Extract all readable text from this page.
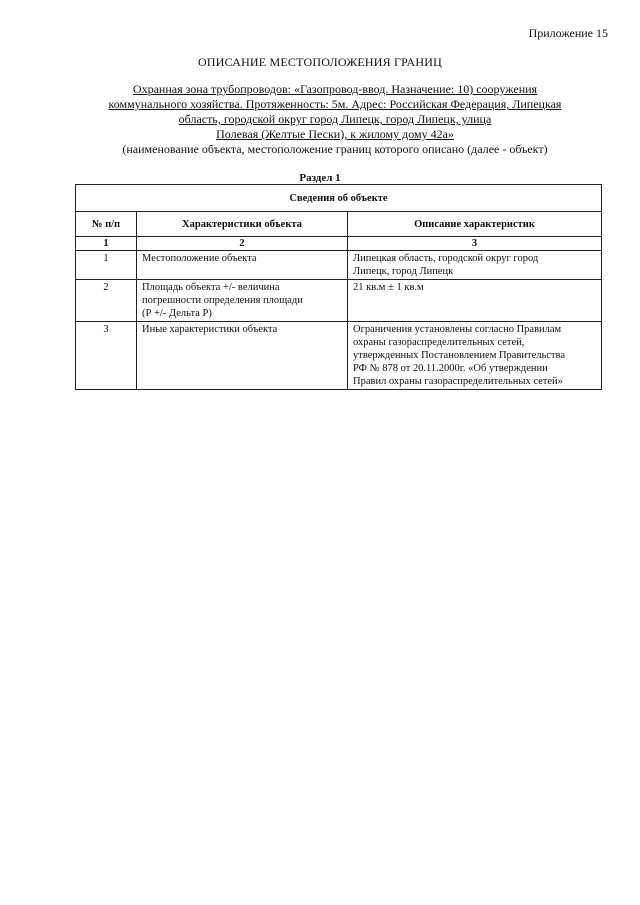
Приложение 15
ОПИСАНИЕ МЕСТОПОЛОЖЕНИЯ ГРАНИЦ
Охранная зона трубопроводов: «Газопровод-ввод. Назначение: 10) сооружения
коммунального хозяйства. Протяженность: 5м. Адрес: Российская Федерация, Липецкая
область, городской округ город Липецк, город Липецк, улица
Полевая (Желтые Пески), к жилому дому 42а»
(наименование объекта, местоположение границ которого описано (далее - объект)
Раздел 1
Сведения об объекте		
№ п/п	Характеристики объекта	Описание характеристик
1	2	3
1	Местоположение объекта	Липецкая область, городской округ город
Липецк, город Липецк

2	Площадь объекта +/- величина
погрешности определения площади
(Р +/- Дельта Р)	21 кв.м ± 1 кв.м

3	Иные характеристики объекта	Ограничения установлены согласно Правилам
охраны газораспределительных сетей,
утвержденных Постановлением Правительства
РФ № 878 от 20.11.2000г. «Об утверждении
Правил охраны газораспределительных сетей»
